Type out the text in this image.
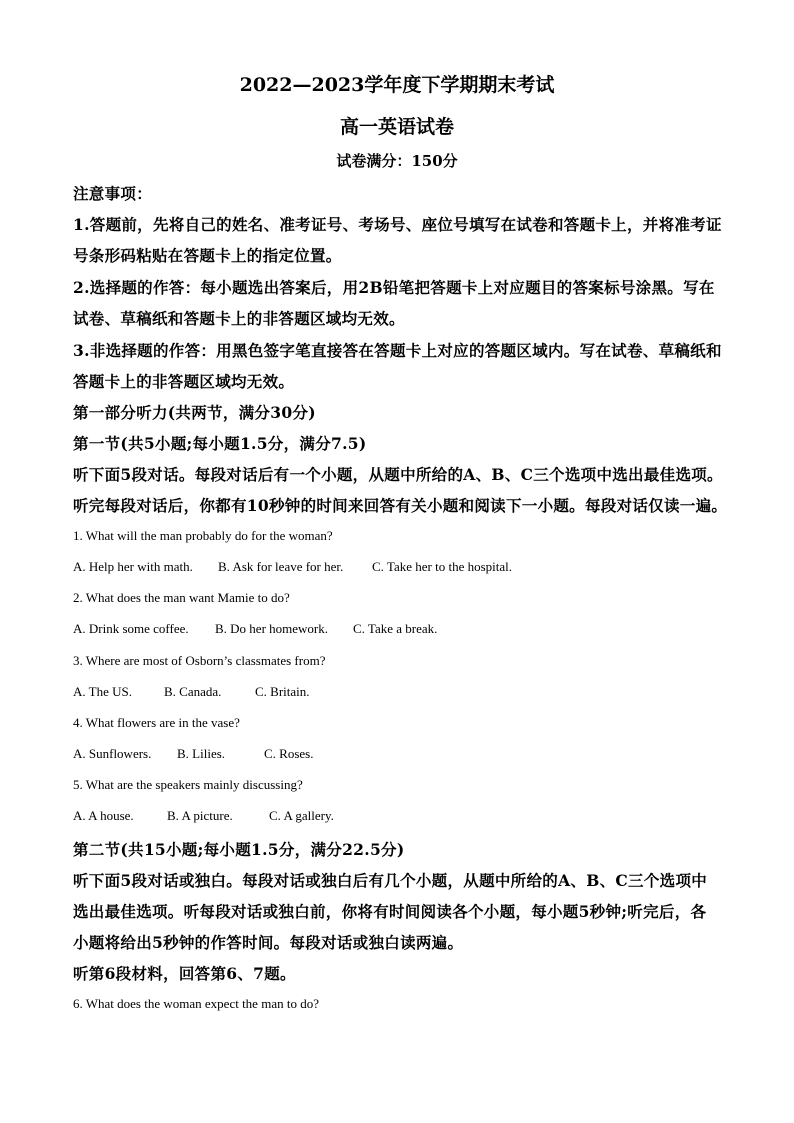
2022—2023学年度下学期期末考试
高一英语试卷
试卷满分：150分
注意事项：
1.答题前，先将自己的姓名、准考证号、考场号、座位号填写在试卷和答题卡上，并将准考证
号条形码粘贴在答题卡上的指定位置。
2.选择题的作答：每小题选出答案后，用2B铅笔把答题卡上对应题目的答案标号涂黑。写在
试卷、草稿纸和答题卡上的非答题区域均无效。
3.非选择题的作答：用黑色签字笔直接答在答题卡上对应的答题区域内。写在试卷、草稿纸和
答题卡上的非答题区域均无效。
第一部分听力(共两节，满分30分)
第一节(共5小题;每小题1.5分，满分7.5)
听下面5段对话。每段对话后有一个小题，从题中所给的A、B、C三个选项中选出最佳选项。
听完每段对话后，你都有10秒钟的时间来回答有关小题和阅读下一小题。每段对话仅读一遍。
1. What will the man probably do for the woman?
A. Help her with math. B. Ask for leave for her. C. Take her to the hospital.
2. What does the man want Mamie to do?
A. Drink some coffee. B. Do her homework. C. Take a break.
3. Where are most of Osborn’s classmates from?
A. The US. B. Canada.	C. Britain.
4. What flowers are in the vase?
A. Sunflowers. B. Lilies.	C. Roses.
5. What are the speakers mainly discussing?
A. A house.	B. A picture.	C. A gallery.
第二节(共15小题;每小题1.5分，满分22.5分)
听下面5段对话或独白。每段对话或独白后有几个小题，从题中所给的A、B、C三个选项中
选出最佳选项。听每段对话或独白前，你将有时间阅读各个小题，每小题5秒钟;听完后，各
小题将给出5秒钟的作答时间。每段对话或独白读两遍。
听第6段材料，回答第6、7题。
6. What does the woman expect the man to do?
